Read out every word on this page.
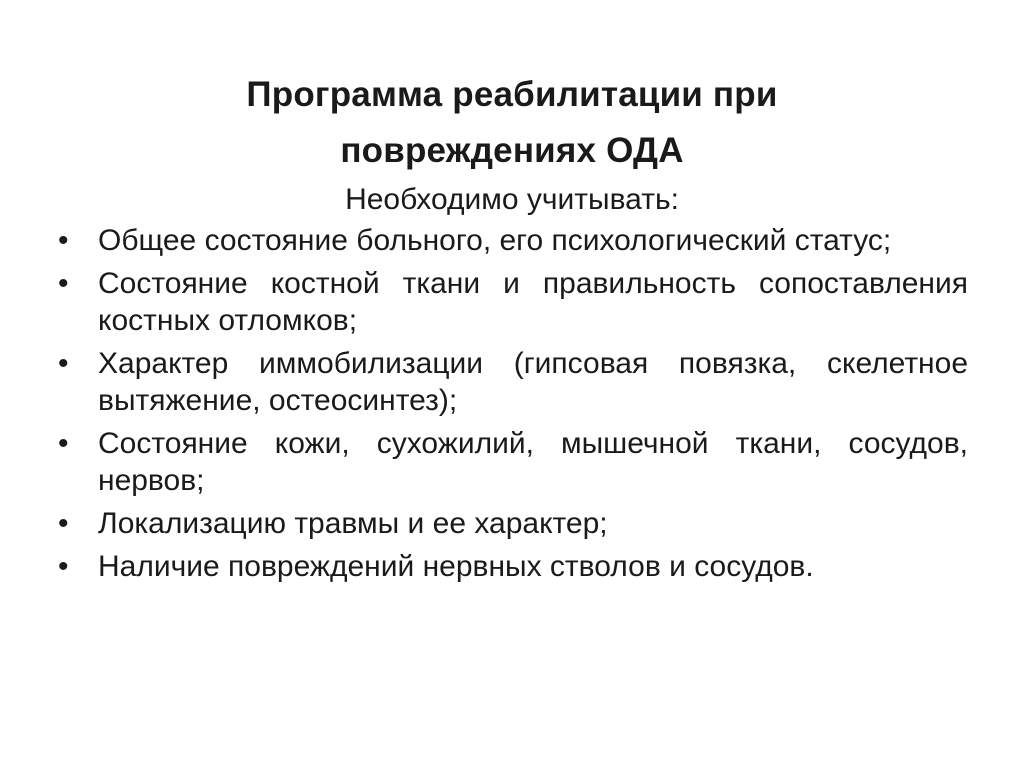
Программа реабилитации при
повреждениях ОДА
Необходимо учитывать:
• Общее состояние больного, его психологический статус;
• Состояние костной ткани и правильность сопоставления костных отломков;
• Характер иммобилизации (гипсовая повязка, скелетное вытяжение, остеосинтез);
• Состояние кожи, сухожилий, мышечной ткани, сосудов, нервов;
• Локализацию травмы и ее характер;
• Наличие повреждений нервных стволов и сосудов.
